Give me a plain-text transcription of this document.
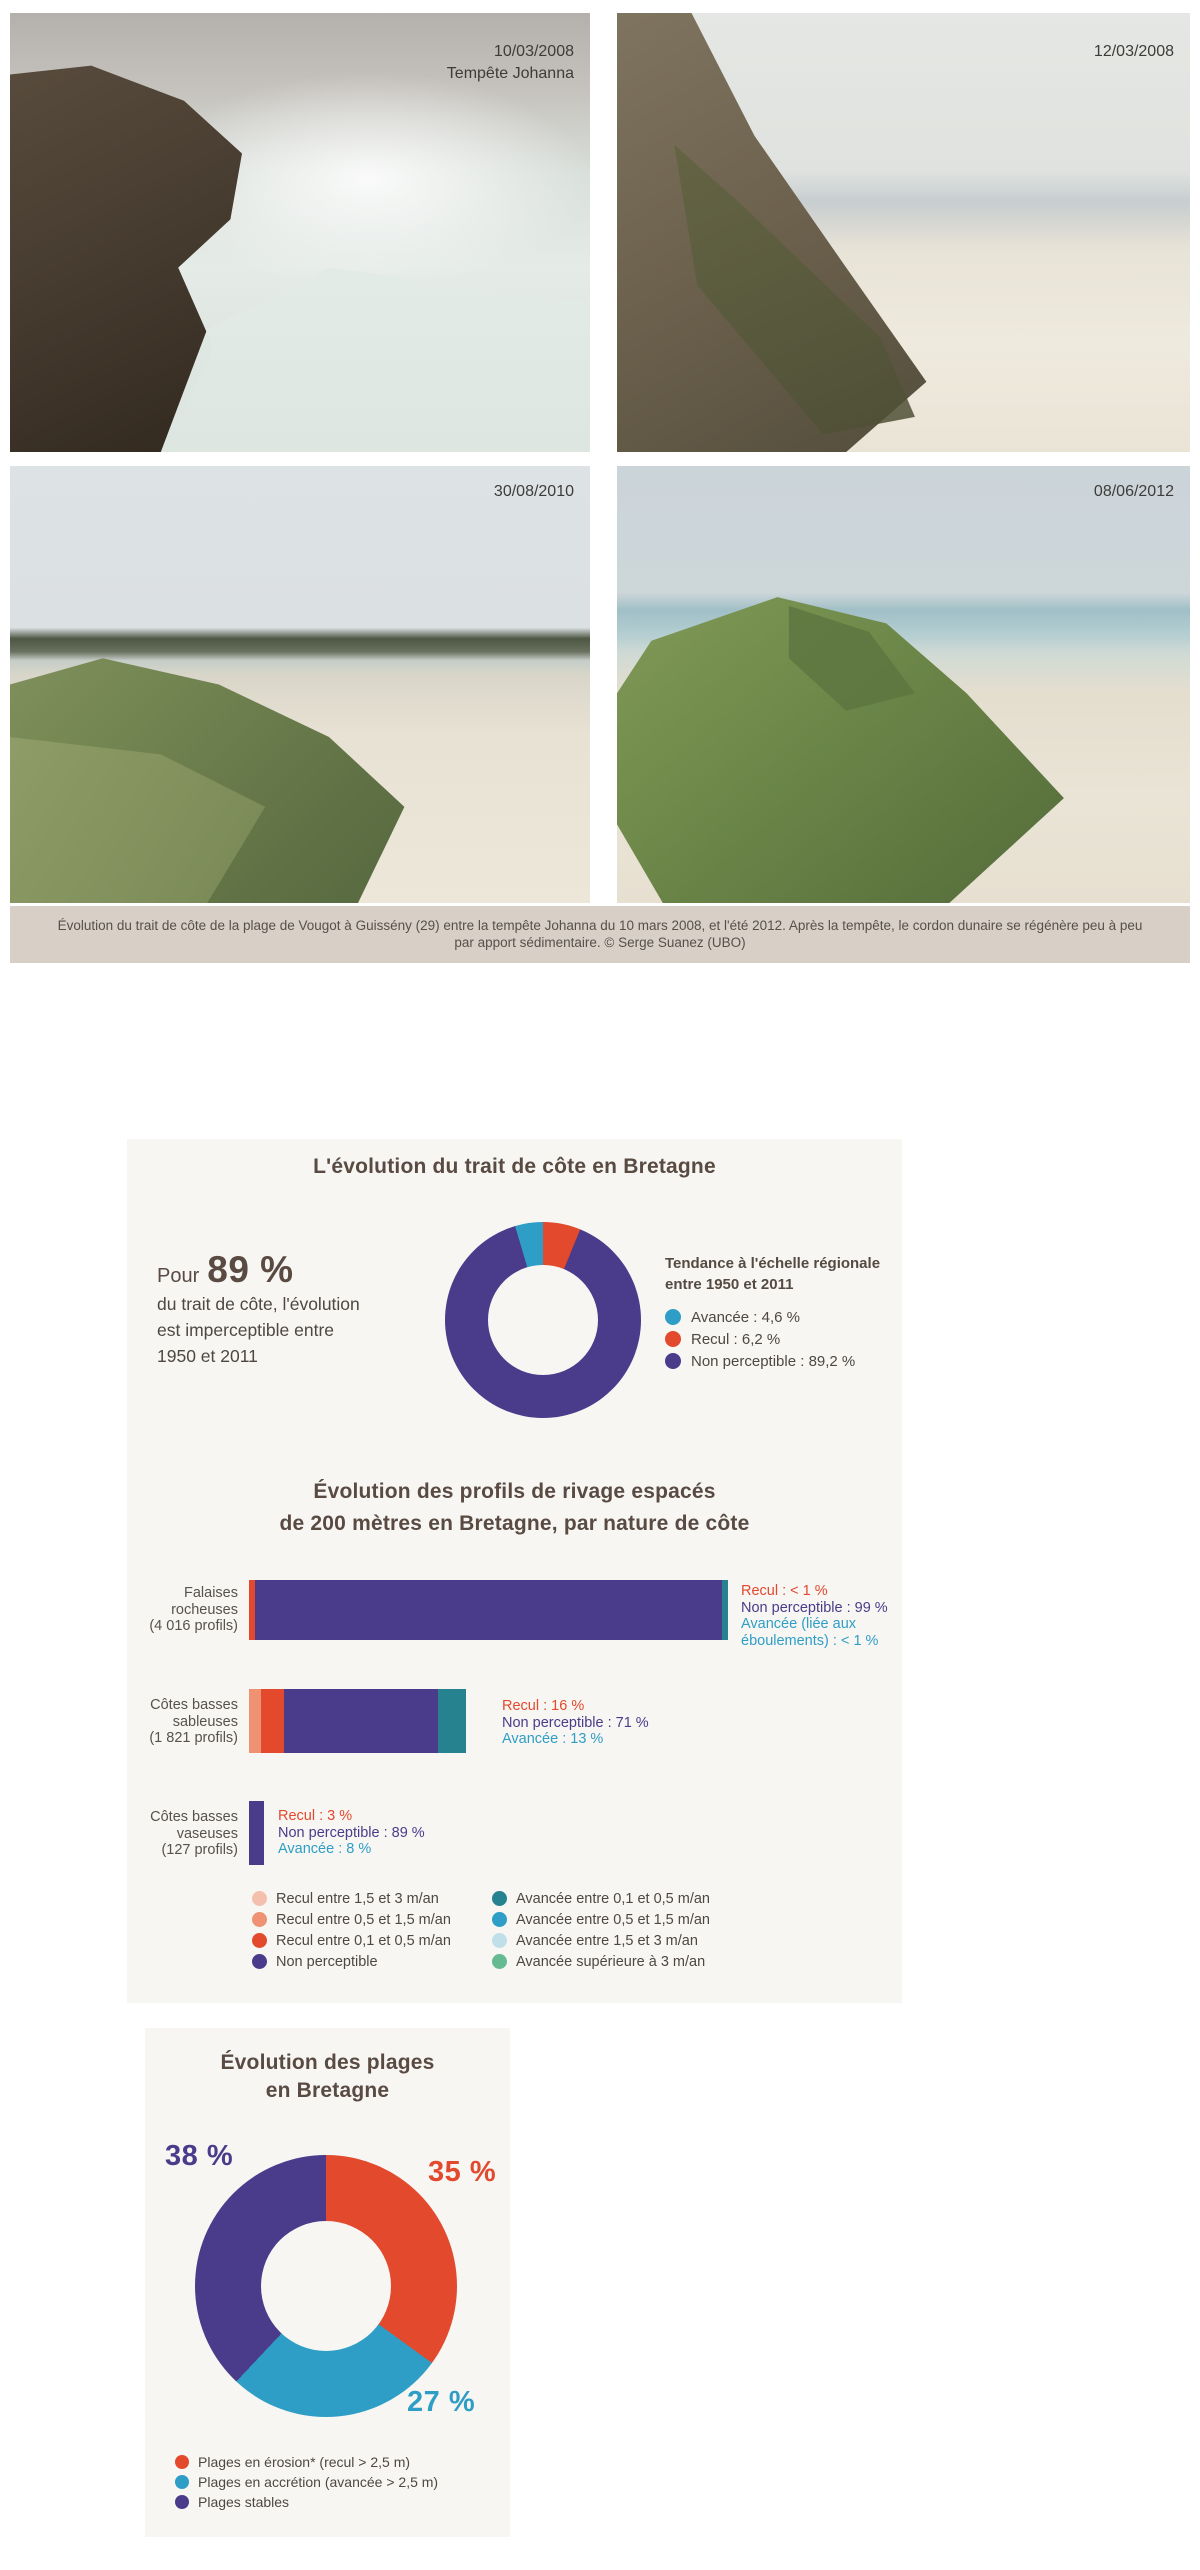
10/03/2008
Tempête Johanna
12/03/2008
30/08/2010	08/06/2012
Évolution du trait de côte de la plage de Vougot à Guissény (29) entre la tempête Johanna du 10 mars 2008, et l'été 2012. Après la tempête, le cordon dunaire se régénère peu à peu par apport sédimentaire. © Serge Suanez (UBO)
L'évolution du trait de côte en Bretagne
Pour 89 %
du trait de côte, l'évolution
est imperceptible entre
1950 et 2011
Tendance à l'échelle régionale
entre 1950 et 2011
Avancée : 4,6 %
Recul : 6,2 %
Non perceptible : 89,2 %
Évolution des profils de rivage espacés
de 200 mètres en Bretagne, par nature de côte
Falaises
rocheuses
(4 016 profils)
Recul : < 1 %
Non perceptible : 99 %
Avancée (liée aux
éboulements) : < 1 %
Côtes basses
sableuses
(1 821 profils)
Recul : 16 %
Non perceptible : 71 %
Avancée : 13 %
Côtes basses
vaseuses
(127 profils)
Recul : 3 %
Non perceptible : 89 %
Avancée : 8 %
Recul entre 1,5 et 3 m/an
Recul entre 0,5 et 1,5 m/an
Recul entre 0,1 et 0,5 m/an
Non perceptible
Avancée entre 0,1 et 0,5 m/an
Avancée entre 0,5 et 1,5 m/an
Avancée entre 1,5 et 3 m/an
Avancée supérieure à 3 m/an
Évolution des plages
en Bretagne
38 %	35 %
27 %
Plages en érosion* (recul > 2,5 m)
Plages en accrétion (avancée > 2,5 m)
Plages stables
